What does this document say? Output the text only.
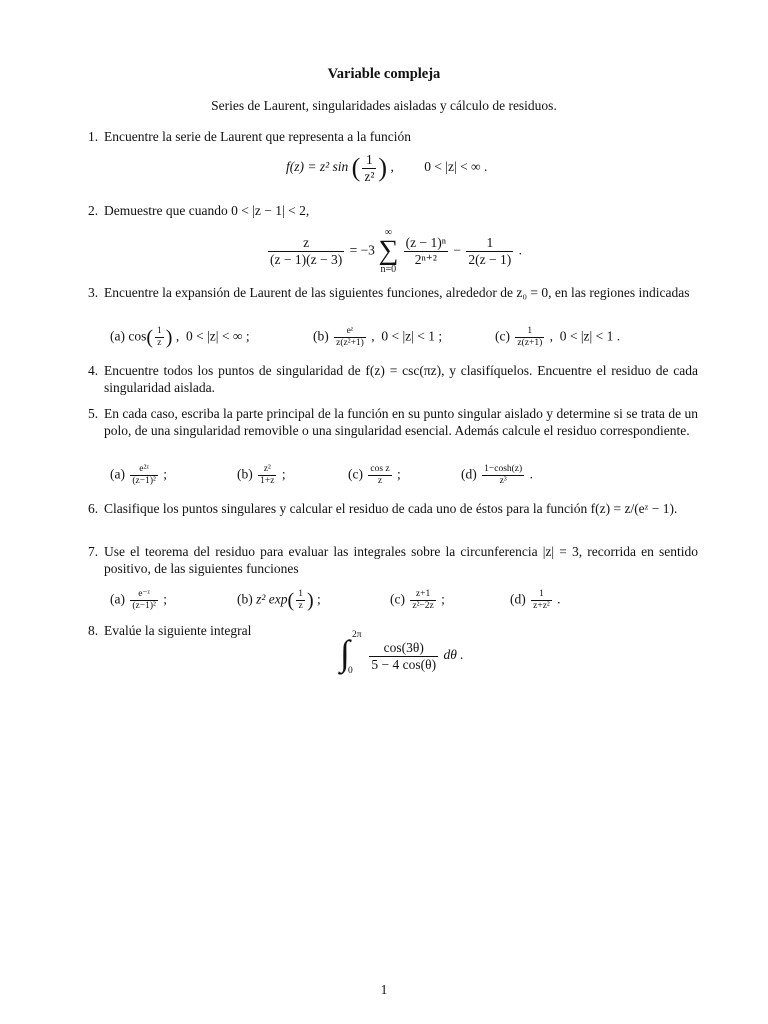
Variable compleja
Series de Laurent, singularidades aisladas y cálculo de residuos.
1. Encuentre la serie de Laurent que representa a la función
f(z) = z² sin ( $\frac{1}{\text{z²}}$ ) ,         0 < |z| < ∞ .
2. Demuestre que cuando 0 < |z − 1| < 2,
$\frac{z}{(z - 1)(z - 3)} = -3$ ∞
∑
n=0
$\frac{\text{(z − 1)ⁿ}}{\text{2ⁿ⁺²}} - \frac{1}{2(z - 1)}$ .
3. Encuentre la expansión de Laurent de las siguientes funciones, alrededor de z₀ = 0, en las regiones indicadas
(a) $\cos( \frac{1}{z}$ ) ,  0 < |z| < ∞ ;	$(b) \frac{\text{eᶻ}}{\text{z(z²+1)}}$ ,  0 < |z| < 1 ;	$(c) \frac{1}{z(z+1)}$ ,  0 < |z| < 1 .
4. Encuentre todos los puntos de singularidad de f(z) = csc(πz), y clasifíquelos. Encuentre el residuo de cada singularidad aislada.
5. En cada caso, escriba la parte principal de la función en su punto singular aislado y determine si se trata de un polo, de una singularidad removible o una singularidad esencial. Además calcule el residuo correspondiente.
$(a) \frac{\text{e²ᶻ}}{\text{(z−1)²}}$ ;	$(b) \frac{\text{z²}}{1+z}$ ;	$(c) \frac{\text{cos z}}{z}$ ;	$(d) \frac{1-\cosh(z)}{\text{z³}}$ .
6. Clasifique los puntos singulares y calcular el residuo de cada uno de éstos para la función f(z) = z/(eᶻ − 1).
7. Use el teorema del residuo para evaluar las integrales sobre la circunferencia |z| = 3, recorrida en sentido positivo, de las siguientes funciones
$(a) \frac{\text{e⁻ᶻ}}{\text{(z−1)²}}$ ;	(b) z² $\exp( \frac{1}{z}$ ) ;	$(c) \frac{z+1}{\text{z²−2z}}$ ;	$(d) \frac{1}{\text{z+z²}}$ .
8. Evalúe la siguiente integral
∫ 2π
0
$\frac{\cos(3\theta)}{5 - 4 \cos(\theta)}$ dθ .
1
